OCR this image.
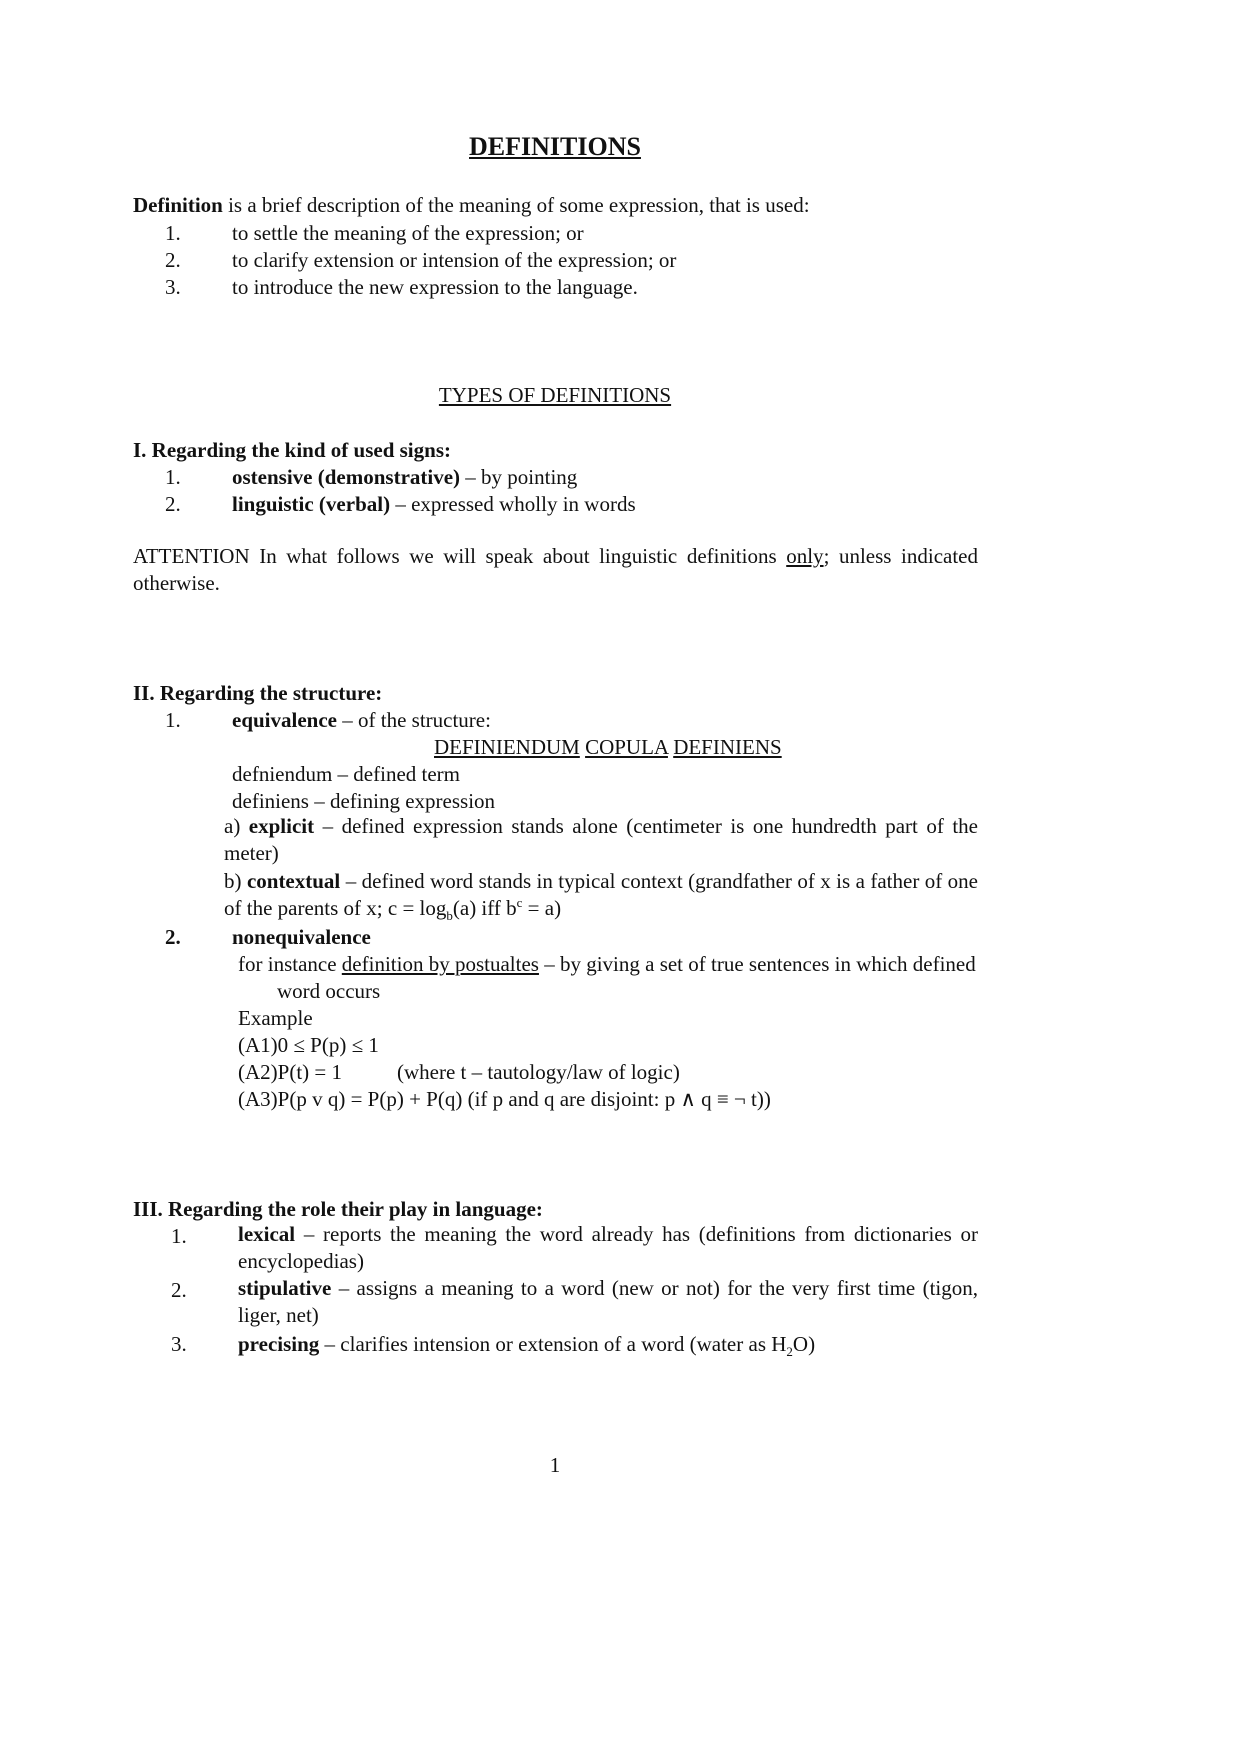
DEFINITIONS
Definition is a brief description of the meaning of some expression, that is used:
1. to settle the meaning of the expression; or
2. to clarify extension or intension of the expression; or
3. to introduce the new expression to the language.
TYPES OF DEFINITIONS
I. Regarding the kind of used signs:
1. ostensive (demonstrative) – by pointing
2. linguistic (verbal) – expressed wholly in words
ATTENTION In what follows we will speak about linguistic definitions only; unless indicated otherwise.
II. Regarding the structure:
1. equivalence – of the structure:
DEFINIENDUM COPULA DEFINIENS
defniendum – defined term
definiens – defining expression
a) explicit – defined expression stands alone (centimeter is one hundredth part of the meter)
b) contextual – defined word stands in typical context (grandfather of x is a father of one of the parents of x; $c = \log_b(a)$ iff $b^c = a$)
2. nonequivalence
for instance definition by postualtes – by giving a set of true sentences in which defined
word occurs
Example
(A1)0 ≤ P(p) ≤ 1
(A2)P(t) = 1	(where t – tautology/law of logic)
(A3)P(p v q) = P(p) + P(q) (if p and q are disjoint: p ∧ q ≡ ¬ t))
III. Regarding the role their play in language:
1. lexical – reports the meaning the word already has (definitions from dictionaries or encyclopedias)
2. stipulative – assigns a meaning to a word (new or not) for the very first time (tigon, liger, net)
3. precising – clarifies intension or extension of a word (water as $H_2O$)
1
